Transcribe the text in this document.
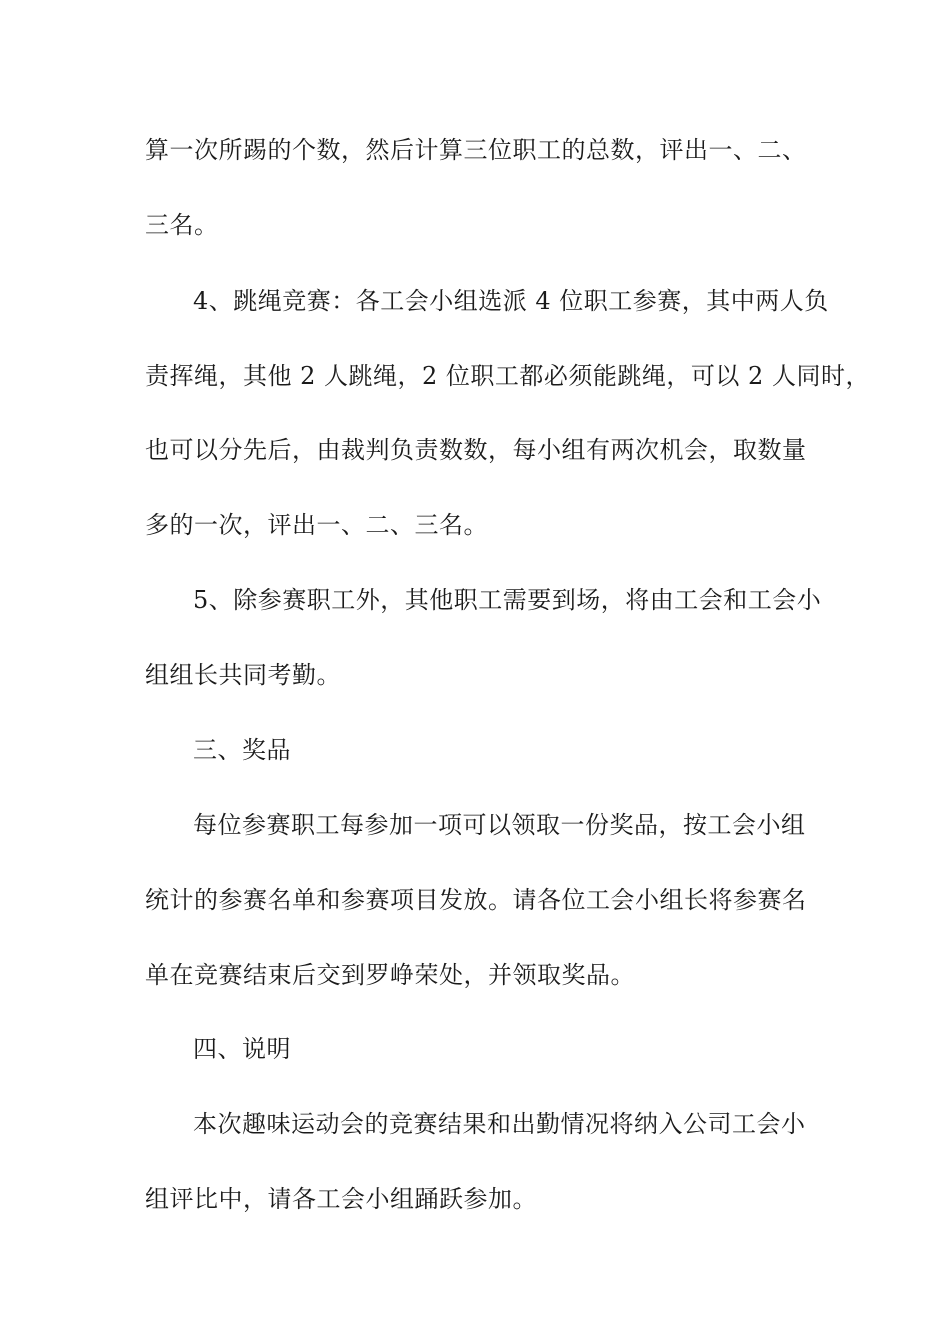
算一次所踢的个数，然后计算三位职工的总数，评出一、二、
三名。
4、跳绳竞赛：各工会小组选派 4 位职工参赛，其中两人负
责挥绳，其他 2 人跳绳，2 位职工都必须能跳绳，可以 2 人同时，
也可以分先后，由裁判负责数数，每小组有两次机会，取数量
多的一次，评出一、二、三名。
5、除参赛职工外，其他职工需要到场，将由工会和工会小
组组长共同考勤。
三、奖品
每位参赛职工每参加一项可以领取一份奖品，按工会小组
统计的参赛名单和参赛项目发放。请各位工会小组长将参赛名
单在竞赛结束后交到罗峥荣处，并领取奖品。
四、说明
本次趣味运动会的竞赛结果和出勤情况将纳入公司工会小
组评比中，请各工会小组踊跃参加。
